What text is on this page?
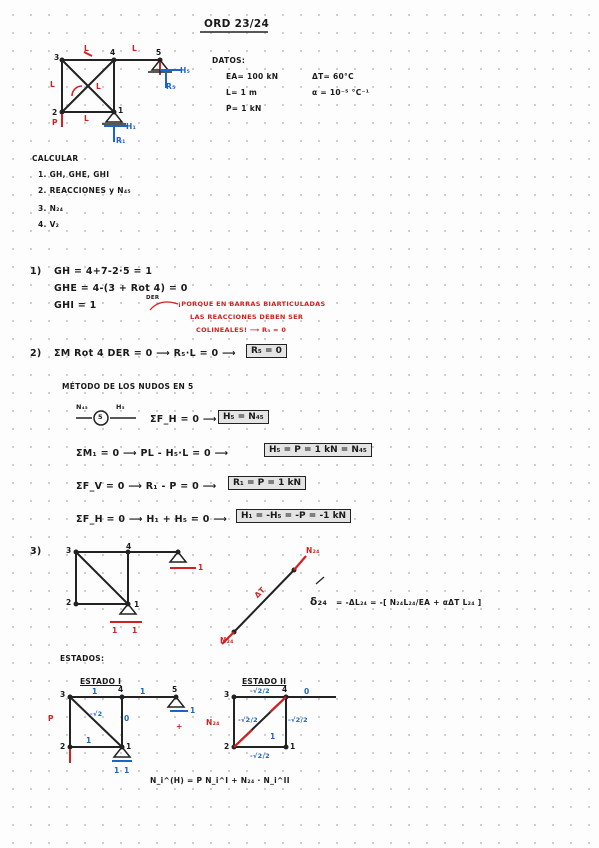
ORD 23/24
3
4
2	1
5
L	L
L	L
L
P
H₅
R₅
H₁
R₁
DATOS:
EA= 100 kN
L= 1 m
P= 1 kN
ΔT= 60°C
α = 10⁻⁵ °C⁻¹
CALCULAR
1. GH, GHE, GHI
2. REACCIONES y N₄₅
3. N₂₄
4. V₂
1) GH = 4+7-2·5 = 1
GHE = 4-(3 + Rot 4) = 0
DER
GHI = 1	¡PORQUE EN BARRAS BIARTICULADAS
LAS REACCIONES DEBEN SER
COLINEALES! ⟶ R₅ = 0
2) ΣM Rot 4 DER = 0 ⟶ R₅·L = 0 ⟶	R₅ = 0
MÉTODO DE LOS NUDOS EN 5
N₄₅	H₅
5	ΣF_H = 0 ⟶ H₅ = N₄₅
ΣM₁ = 0 ⟶ PL - H₅·L = 0 ⟶	H₅ = P = 1 kN = N₄₅
ΣF_V = 0 ⟶ R₁ - P = 0 ⟶	R₁ = P = 1 kN
ΣF_H = 0 ⟶ H₁ + H₅ = 0 ⟶	H₁ = -H₅ = -P = -1 kN
3)	3	4
2	1
1
1 1
N₂₄
N₂₄
ΔT
δ₂₄ = -ΔL₂₄ = -[ N₂₄L₂₄/EA + αΔT L₂₄ ]
ESTADOS:
ESTADO I
3
4
2	1
5
1	1
P	-√2	0
1
1 1
+
1
ESTADO II
3
4
2	1
-√2/2	0
N₂₄	-√2/2	-√2/2
-√2/2
1
N_i^(H) = P N_i^I + N₂₄ · N_i^II
